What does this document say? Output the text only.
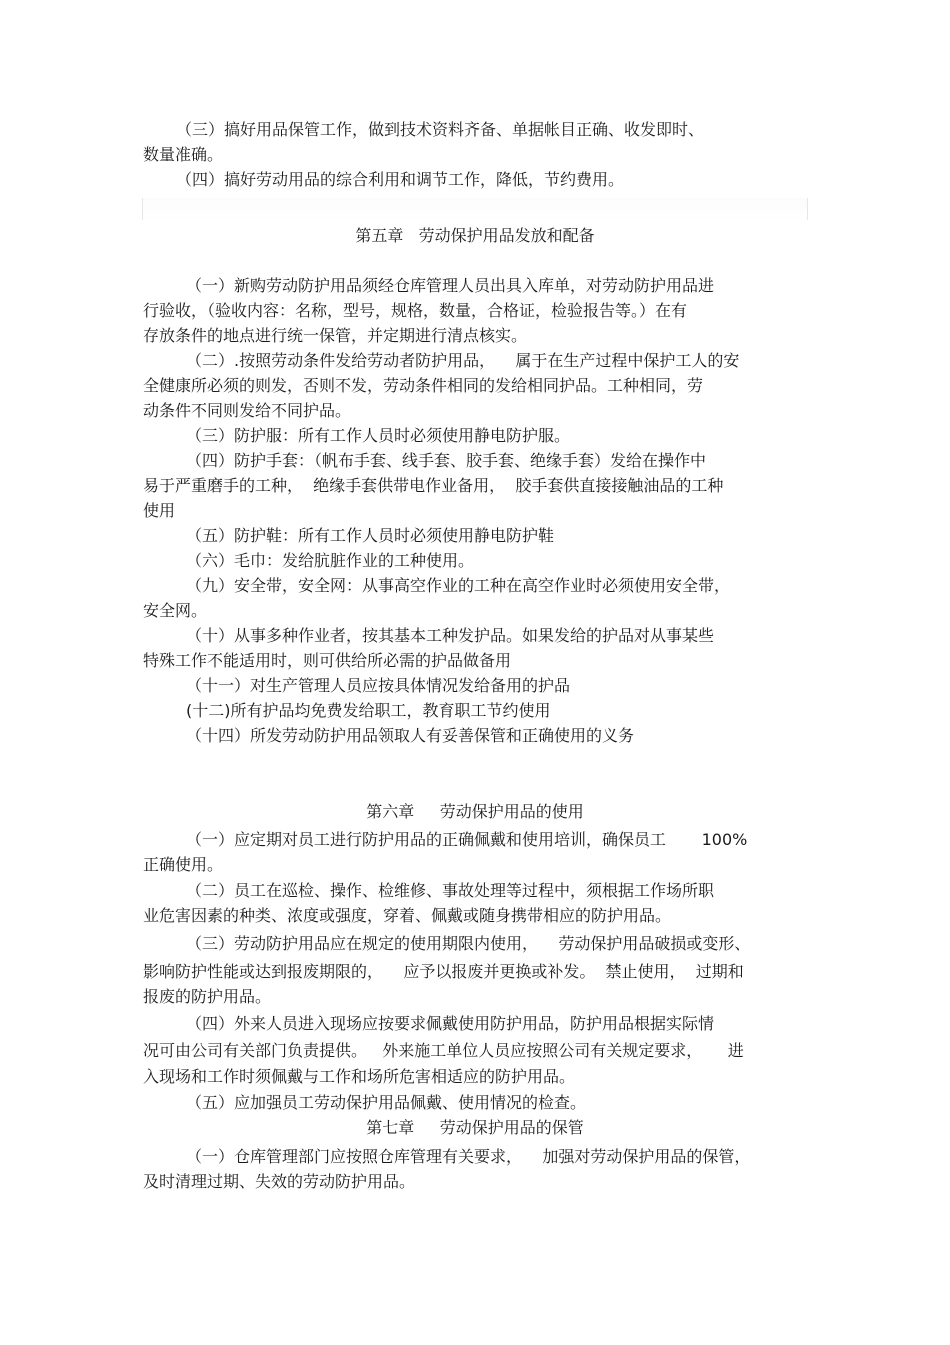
（三）搞好用品保管工作，做到技术资料齐备、单据帐目正确、收发即时、
数量准确。
（四）搞好劳动用品的综合利用和调节工作，降低，节约费用。
第五章   劳动保护用品发放和配备
（一）新购劳动防护用品须经仓库管理人员出具入库单，对劳动防护用品进
行验收，（验收内容：名称，型号，规格，数量，合格证，检验报告等。）在有
存放条件的地点进行统一保管，并定期进行清点核实。
（二）.按照劳动条件发给劳动者防护用品，    属于在生产过程中保护工人的安
全健康所必须的则发，否则不发，劳动条件相同的发给相同护品。工种相同，劳
动条件不同则发给不同护品。
（三）防护服：所有工作人员时必须使用静电防护服。
（四）防护手套：（帆布手套、线手套、胶手套、绝缘手套）发给在操作中
易于严重磨手的工种，  绝缘手套供带电作业备用，  胶手套供直接接触油品的工种
使用
（五）防护鞋：所有工作人员时必须使用静电防护鞋
（六）毛巾：发给肮脏作业的工种使用。
（九）安全带，安全网：从事高空作业的工种在高空作业时必须使用安全带，
安全网。
（十）从事多种作业者，按其基本工种发护品。如果发给的护品对从事某些
特殊工作不能适用时，则可供给所必需的护品做备用
（十一）对生产管理人员应按具体情况发给备用的护品
(十二)所有护品均免费发给职工，教育职工节约使用
（十四）所发劳动防护用品领取人有妥善保管和正确使用的义务
第六章     劳动保护用品的使用
（一）应定期对员工进行防护用品的正确佩戴和使用培训，确保员工       100%
正确使用。
（二）员工在巡检、操作、检维修、事故处理等过程中，须根据工作场所职
业危害因素的种类、浓度或强度，穿着、佩戴或随身携带相应的防护用品。
（三）劳动防护用品应在规定的使用期限内使用，    劳动保护用品破损或变形、
影响防护性能或达到报废期限的，    应予以报废并更换或补发。  禁止使用，  过期和
报废的防护用品。
（四）外来人员进入现场应按要求佩戴使用防护用品，防护用品根据实际情
况可由公司有关部门负责提供。   外来施工单位人员应按照公司有关规定要求，     进
入现场和工作时须佩戴与工作和场所危害相适应的防护用品。
（五）应加强员工劳动保护用品佩戴、使用情况的检查。
第七章     劳动保护用品的保管
（一）仓库管理部门应按照仓库管理有关要求，    加强对劳动保护用品的保管，
及时清理过期、失效的劳动防护用品。
